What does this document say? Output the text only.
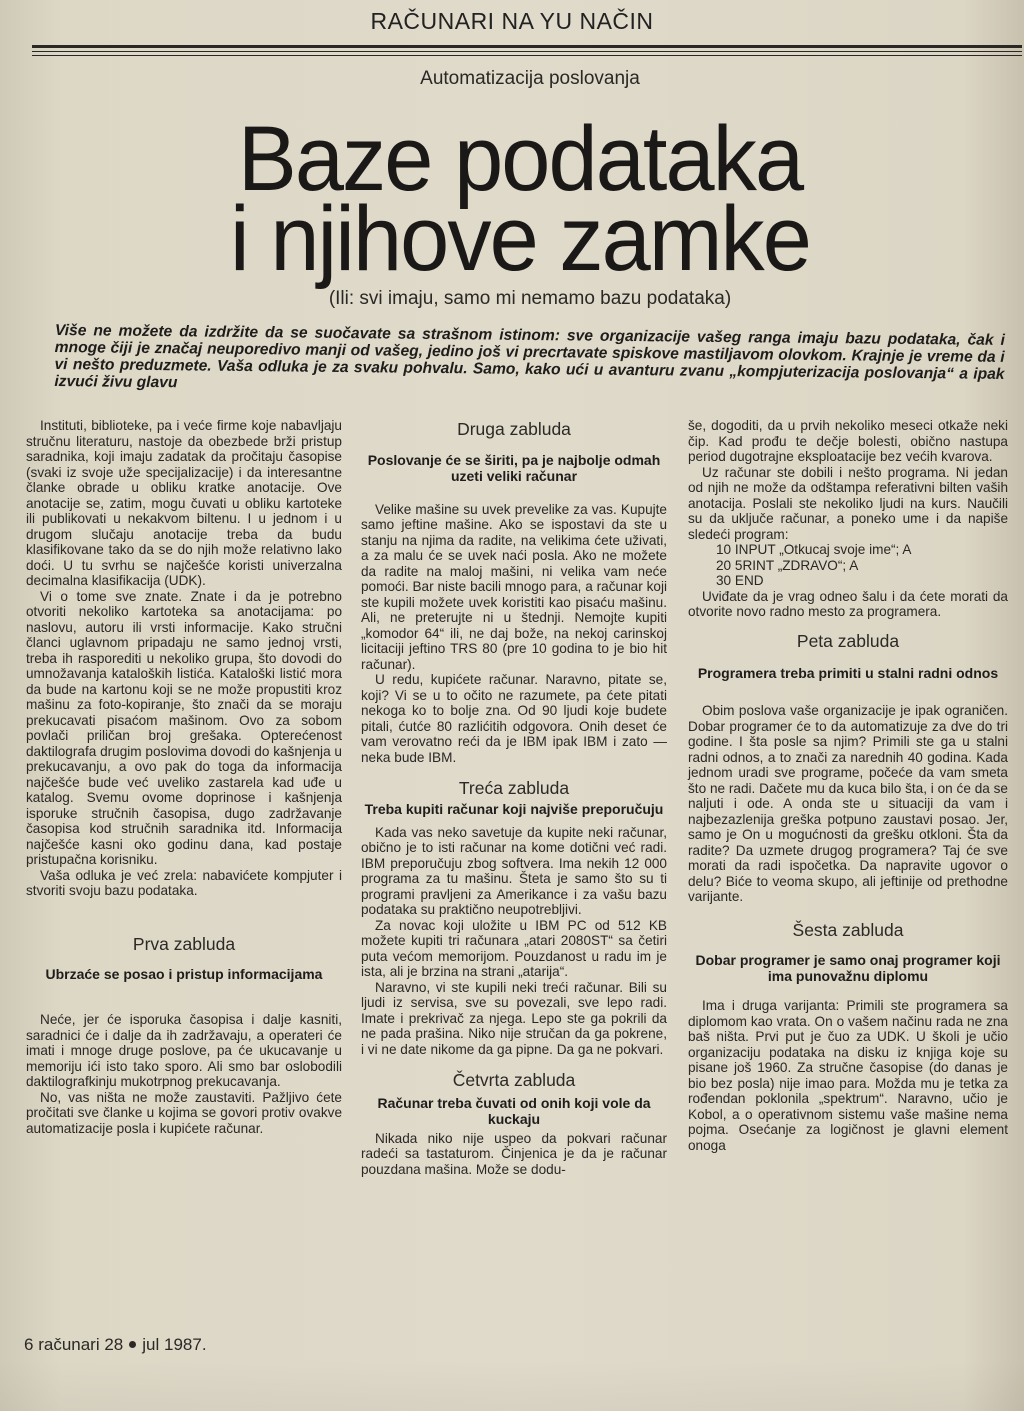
RAČUNARI NA YU NAČIN
Automatizacija poslovanja
Baze podataka
i njihove zamke
(Ili: svi imaju, samo mi nemamo bazu podataka)

Više ne možete da izdržite da se suočavate sa strašnom istinom: sve organizacije vašeg ranga imaju bazu podataka, čak i mnoge čiji je značaj neuporedivo manji od vašeg, jedino još vi precrtavate spiskove mastiljavom olovkom. Krajnje je vreme da i vi nešto preduzmete. Vaša odluka je za svaku pohvalu. Samo, kako ući u avanturu zvanu „kompjuterizacija poslovanja“ a ipak izvući živu glavu

Instituti, biblioteke, pa i veće firme koje nabavljaju stručnu literaturu, nastoje da obezbede brži pristup saradnika, koji imaju zadatak da pročitaju časopise (svaki iz svoje uže specijalizacije) i da interesantne članke obrade u obliku kratke anotacije. Ove anotacije se, zatim, mogu čuvati u obliku kartoteke ili publikovati u nekakvom biltenu. I u jednom i u drugom slučaju anotacije treba da budu klasifikovane tako da se do njih može relativno lako doći. U tu svrhu se najčešće koristi univerzalna decimalna klasifikacija (UDK).

Vi o tome sve znate. Znate i da je potrebno otvoriti nekoliko kartoteka sa anotacijama: po naslovu, autoru ili vrsti informacije. Kako stručni članci uglavnom pripadaju ne samo jednoj vrsti, treba ih rasporediti u nekoliko grupa, što dovodi do umnožavanja kataloških listića. Kataloški listić mora da bude na kartonu koji se ne može propustiti kroz mašinu za foto-kopiranje, što znači da se moraju prekucavati pisaćom mašinom. Ovo za sobom povlači priličan broj grešaka. Opterećenost daktilografa drugim poslovima dovodi do kašnjenja u prekucavanju, a ovo pak do toga da informacija najčešće bude već uveliko zastarela kad uđe u katalog. Svemu ovome doprinose i kašnjenja isporuke stručnih časopisa, dugo zadržavanje časopisa kod stručnih saradnika itd. Informacija najčešće kasni oko godinu dana, kad postaje pristupačna korisniku.

Vaša odluka je već zrela: nabavićete kompjuter i stvoriti svoju bazu podataka.

Prva zabluda
Ubrzaće se posao i pristup informacijama

Neće, jer će isporuka časopisa i dalje kasniti, saradnici će i dalje da ih zadržavaju, a operateri će imati i mnoge druge poslove, pa će ukucavanje u memoriju ići isto tako sporo. Ali smo bar oslobodili daktilografkinju mukotrpnog prekucavanja.

No, vas ništa ne može zaustaviti. Pažljivo ćete pročitati sve članke u kojima se govori protiv ovakve automatizacije posla i kupićete računar.

Druga zabluda
Poslovanje će se širiti, pa je najbolje odmah uzeti veliki računar

Velike mašine su uvek prevelike za vas. Kupujte samo jeftine mašine. Ako se ispostavi da ste u stanju na njima da radite, na velikima ćete uživati, a za malu će se uvek naći posla. Ako ne možete da radite na maloj mašini, ni velika vam neće pomoći. Bar niste bacili mnogo para, a računar koji ste kupili možete uvek koristiti kao pisaću mašinu. Ali, ne preterujte ni u štednji. Nemojte kupiti „komodor 64“ ili, ne daj bože, na nekoj carinskoj licitaciji jeftino TRS 80 (pre 10 godina to je bio hit računar).

U redu, kupićete računar. Naravno, pitate se, koji? Vi se u to očito ne razumete, pa ćete pitati nekoga ko to bolje zna. Od 90 ljudi koje budete pitali, ćutće 80 razlićitih odgovora. Onih deset će vam verovatno reći da je IBM ipak IBM i zato — neka bude IBM.

Treća zabluda
Treba kupiti računar koji najviše preporučuju

Kada vas neko savetuje da kupite neki računar, obično je to isti računar na kome dotični već radi. IBM preporučuju zbog softvera. Ima nekih 12 000 programa za tu mašinu. Šteta je samo što su ti programi pravljeni za Amerikance i za vašu bazu podataka su praktično neupotrebljivi.

Za novac koji uložite u IBM PC od 512 KB možete kupiti tri računara „atari 2080ST“ sa četiri puta većom memorijom. Pouzdanost u radu im je ista, ali je brzina na strani „atarija“.

Naravno, vi ste kupili neki treći računar. Bili su ljudi iz servisa, sve su povezali, sve lepo radi. Imate i prekrivač za njega. Lepo ste ga pokrili da ne pada prašina. Niko nije stručan da ga pokrene, i vi ne date nikome da ga pipne. Da ga ne pokvari.

Četvrta zabluda
Računar treba čuvati od onih koji vole da kuckaju

Nikada niko nije uspeo da pokvari računar radeći sa tastaturom. Činjenica je da je računar pouzdana mašina. Može se dodu-

še, dogoditi, da u prvih nekoliko meseci otkaže neki čip. Kad prođu te dečje bolesti, obično nastupa period dugotrajne eksploatacije bez većih kvarova.

Uz računar ste dobili i nešto programa. Ni jedan od njih ne može da odštampa referativni bilten vaših anotacija. Poslali ste nekoliko ljudi na kurs. Naučili su da uključe računar, a poneko ume i da napiše sledeći program:

10 INPUT „Otkucaj svoje ime“; A

20 5RINT „ZDRAVO“; A

30 END

Uviđate da je vrag odneo šalu i da ćete morati da otvorite novo radno mesto za programera.

Peta zabluda
Programera treba primiti u stalni radni odnos

Obim poslova vaše organizacije je ipak ograničen. Dobar programer će to da automatizuje za dve do tri godine. I šta posle sa njim? Primili ste ga u stalni radni odnos, a to znači za narednih 40 godina. Kada jednom uradi sve programe, počeće da vam smeta što ne radi. Dačete mu da kuca bilo šta, i on će da se naljuti i ode. A onda ste u situaciji da vam i najbezazlenija greška potpuno zaustavi posao. Jer, samo je On u mogućnosti da grešku otkloni. Šta da radite? Da uzmete drugog programera? Taj će sve morati da radi ispočetka. Da napravite ugovor o delu? Biće to veoma skupo, ali jeftinije od prethodne varijante.

Šesta zabluda
Dobar programer je samo onaj programer koji ima punovažnu diplomu

Ima i druga varijanta: Primili ste programera sa diplomom kao vrata. On o vašem načinu rada ne zna baš ništa. Prvi put je čuo za UDK. U školi je učio organizaciju podataka na disku iz knjiga koje su pisane još 1960. Za stručne časopise (do danas je bio bez posla) nije imao para. Možda mu je tetka za rođendan poklonila „spektrum“. Naravno, učio je Kobol, a o operativnom sistemu vaše mašine nema pojma. Osećanje za logičnost je glavni element onoga

6 računari 28 jul 1987.
